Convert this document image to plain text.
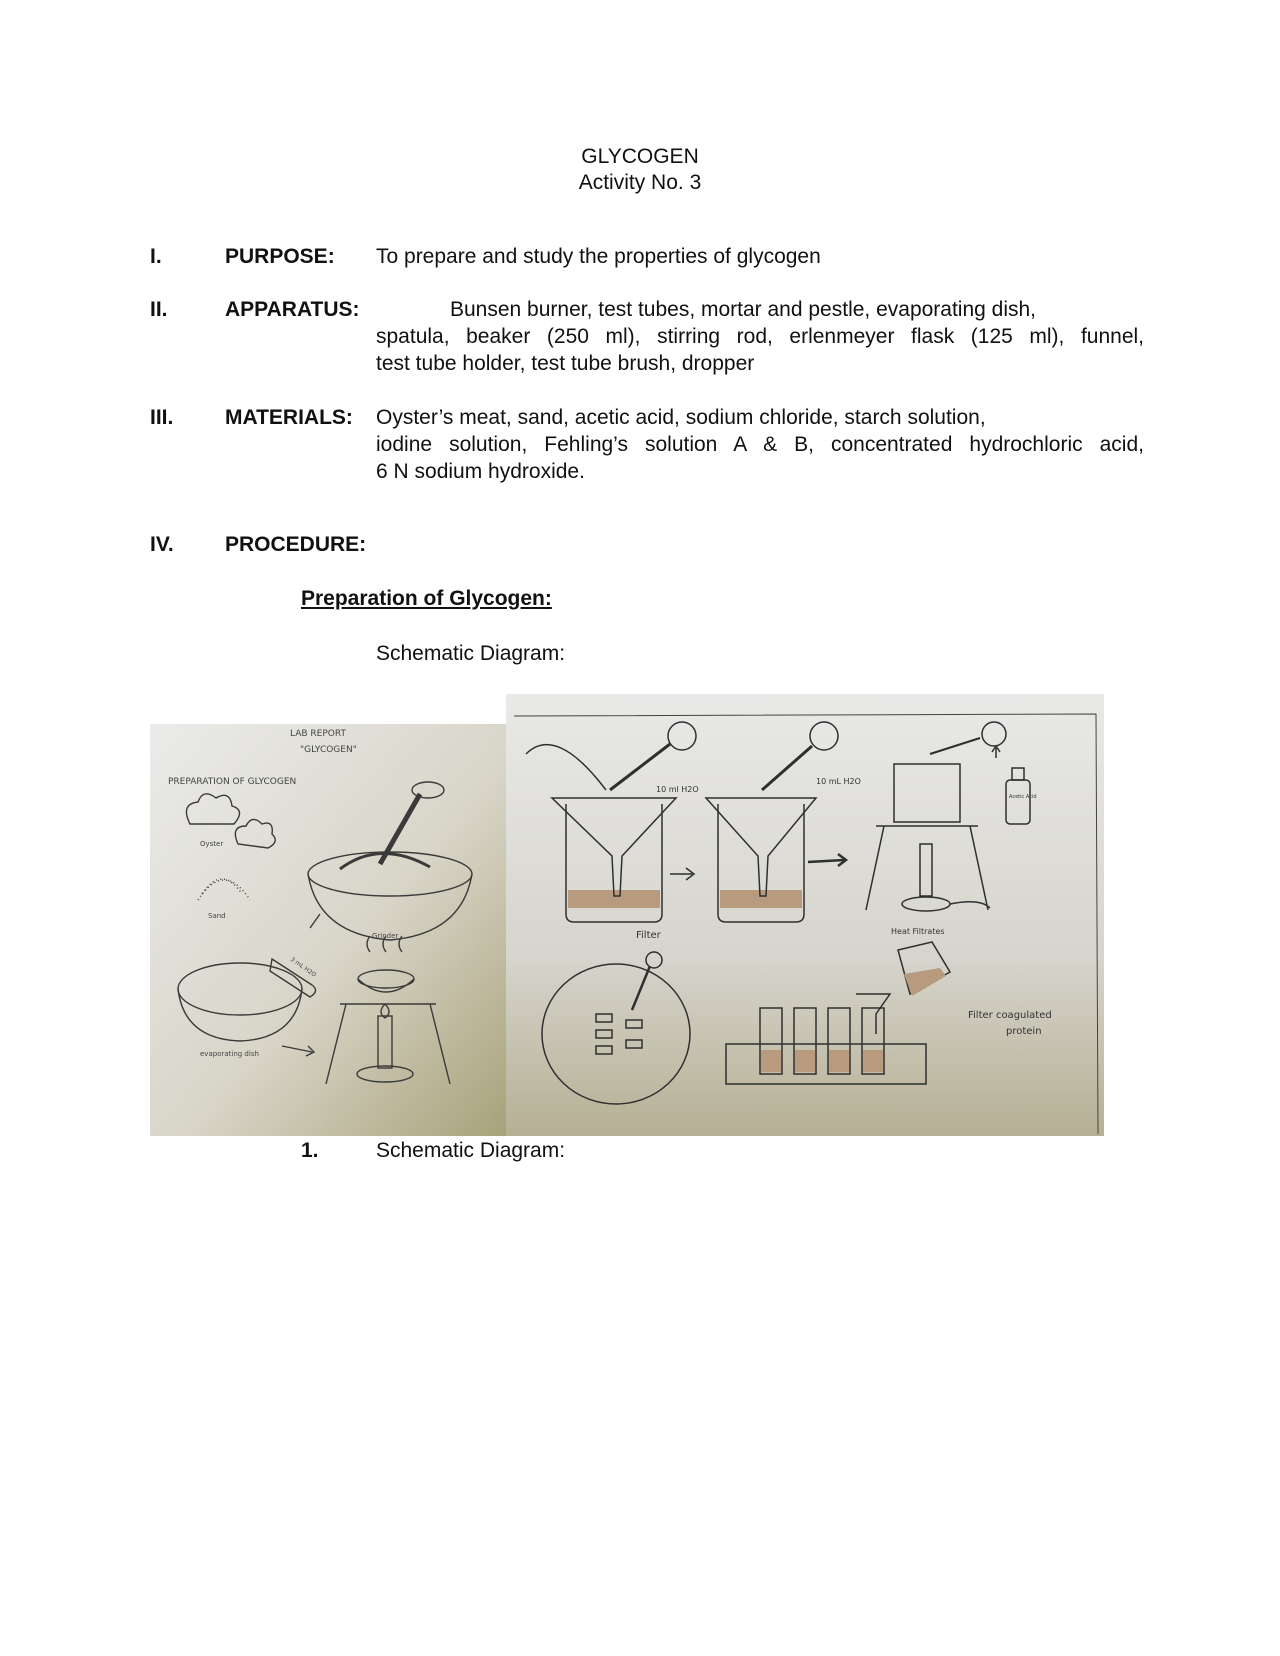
GLYCOGEN
Activity No. 3
I.	PURPOSE: To prepare and study the properties of glycogen
II.	APPARATUS:	Bunsen burner, test tubes, mortar and pestle, evaporating dish,
spatula, beaker (250 ml), stirring rod, erlenmeyer flask (125 ml), funnel,
test tube holder, test tube brush, dropper
III. MATERIALS: Oyster’s meat, sand, acetic acid, sodium chloride, starch solution,
iodine solution, Fehling’s solution A & B, concentrated hydrochloric acid,
6 N sodium hydroxide.
IV. PROCEDURE:
Preparation of Glycogen:
Schematic Diagram:
LAB REPORT
"GLYCOGEN"
PREPARATION OF GLYCOGEN
Oyster
Sand
Grinder
3 mL H2O
evaporating dish
10 ml H2O
10 mL H2O
Filter	Heat Filtrates
Acetic Acid
Filter coagulated
protein
1.	Schematic Diagram:
